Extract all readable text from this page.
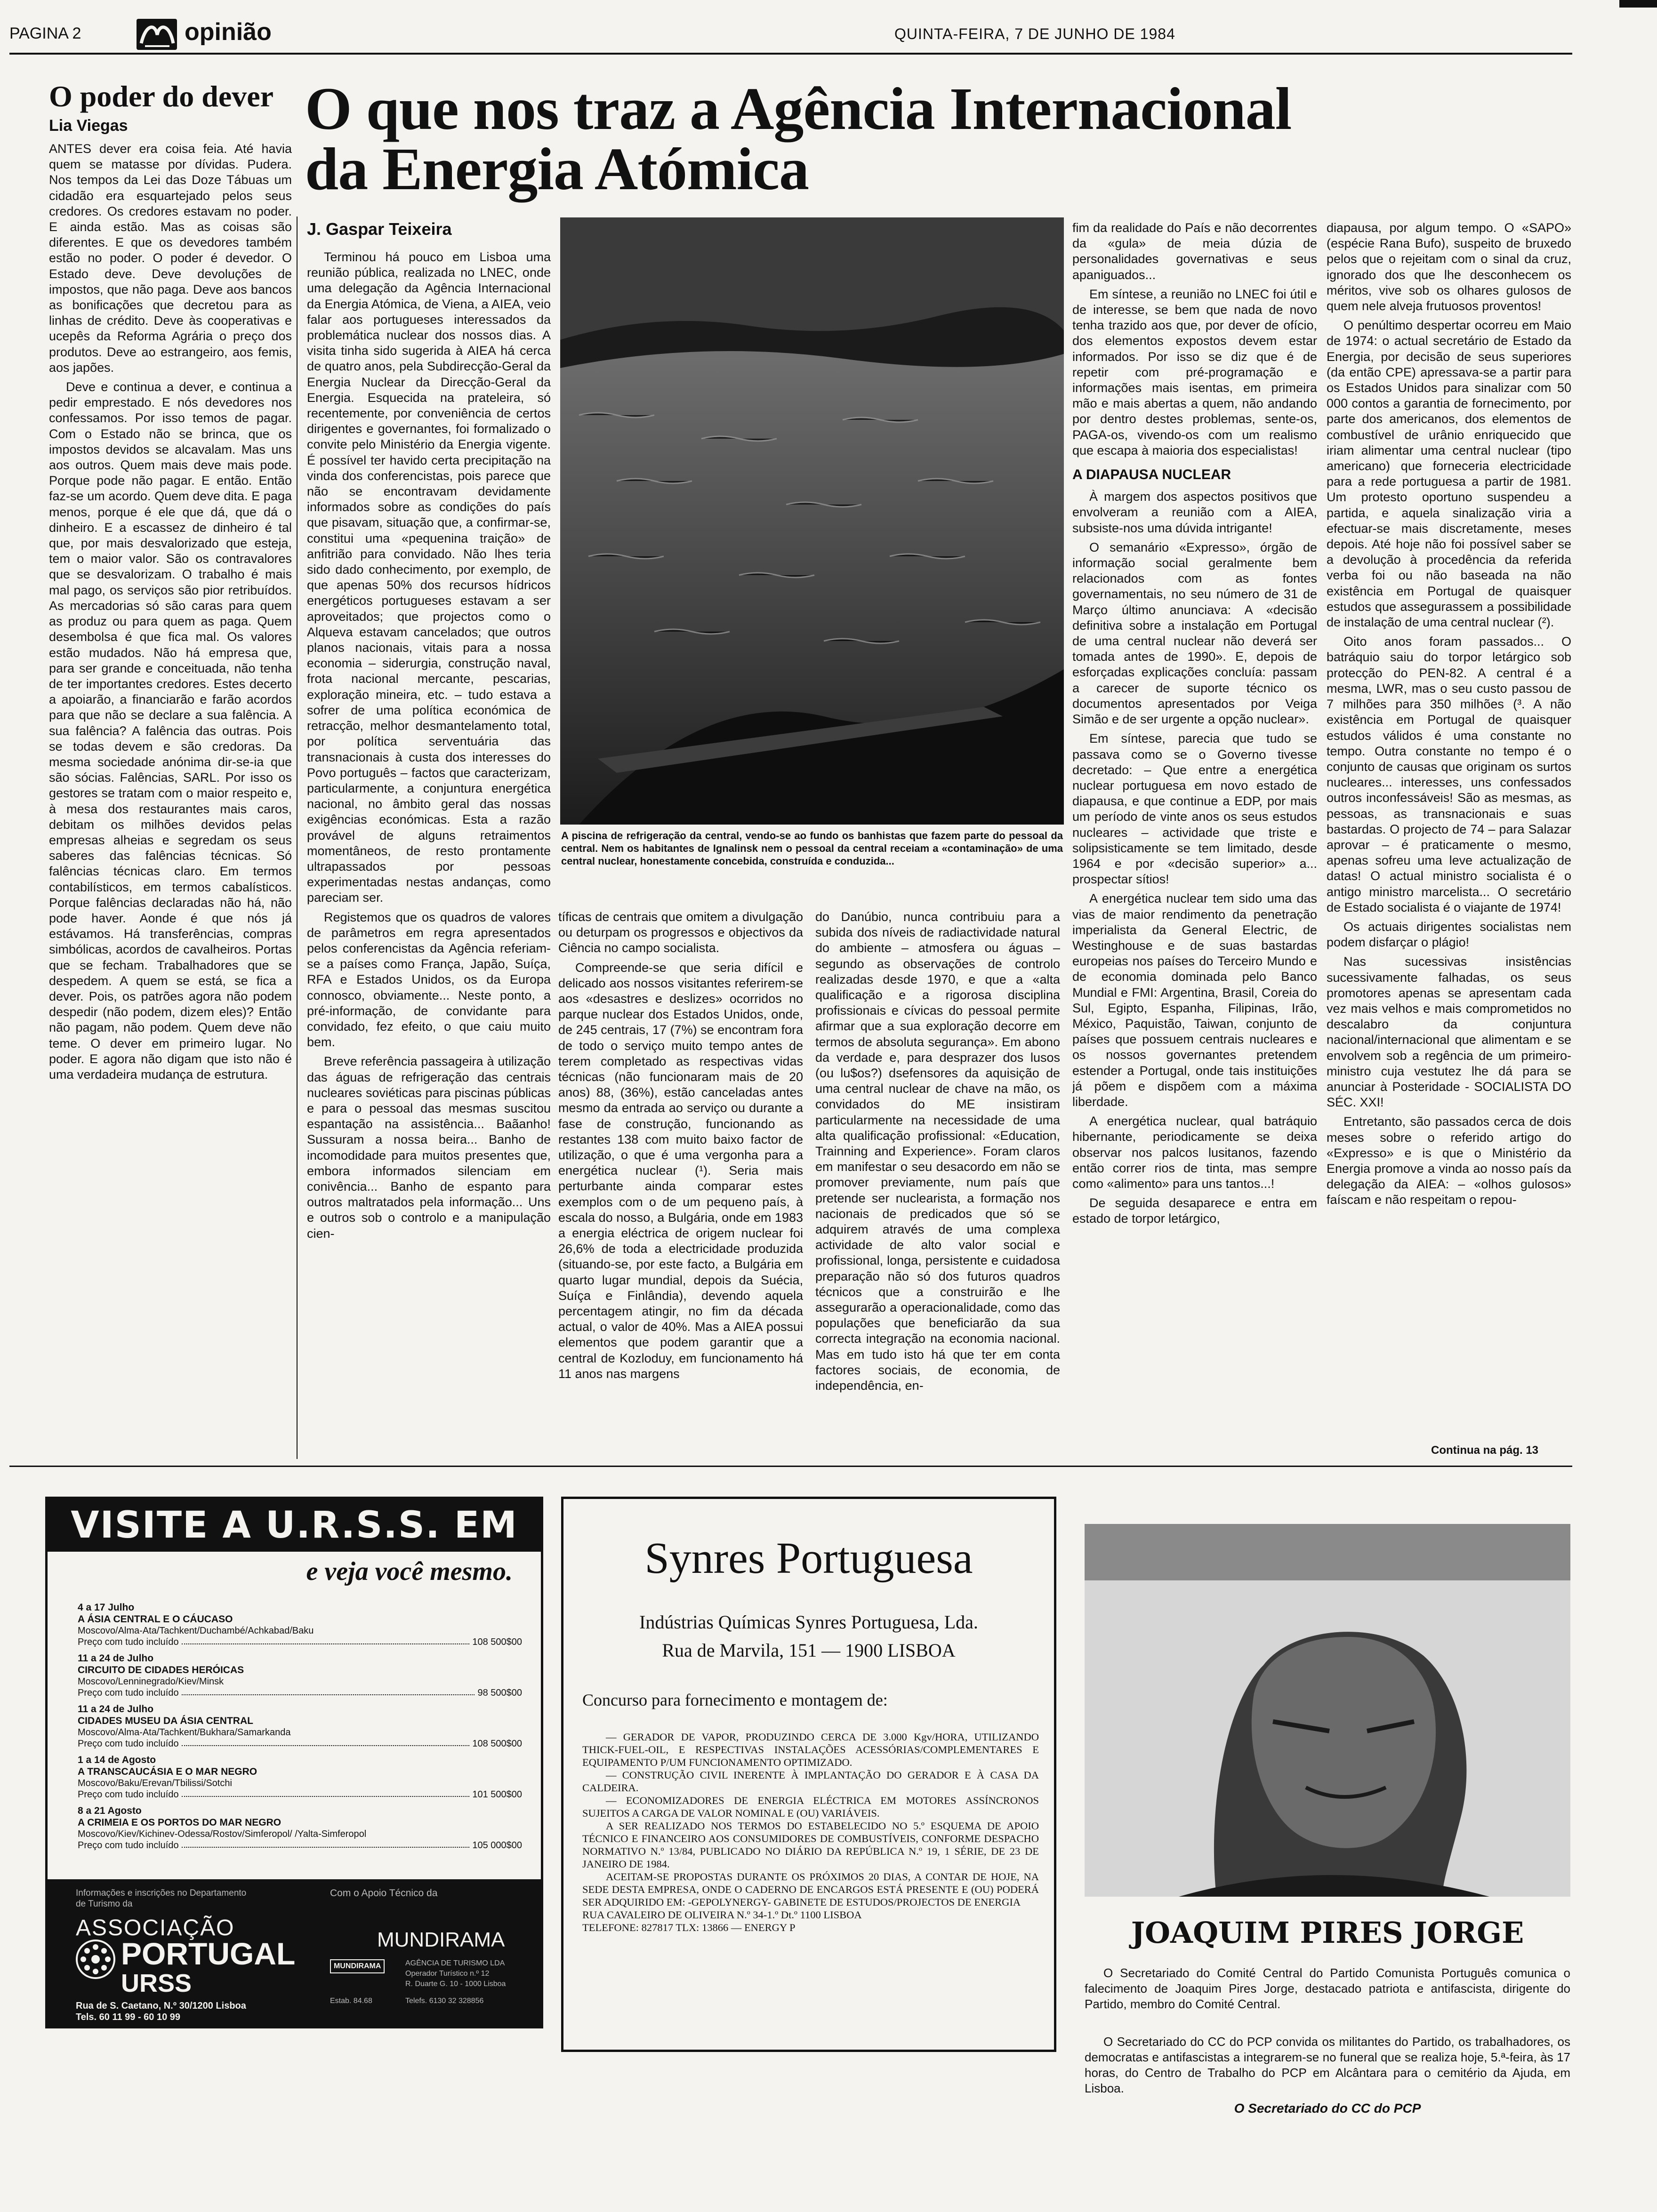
PAGINA 2	opinião	QUINTA-FEIRA, 7 DE JUNHO DE 1984
O poder do dever
Lia Viegas

ANTES dever era coisa feia. Até havia quem se matasse por dívidas. Pudera. Nos tempos da Lei das Doze Tábuas um cidadão era esquartejado pelos seus credores. Os credores estavam no poder. E ainda estão. Mas as coisas são diferentes. E que os devedores também estão no poder. O poder é devedor. O Estado deve. Deve devoluções de impostos, que não paga. Deve aos bancos as bonificações que decretou para as linhas de crédito. Deve às cooperativas e ucepês da Reforma Agrária o preço dos produtos. Deve ao estrangeiro, aos femis, aos japões.

Deve e continua a dever, e continua a pedir emprestado. E nós devedores nos confessamos. Por isso temos de pagar. Com o Estado não se brinca, que os impostos devidos se alcavalam. Mas uns aos outros. Quem mais deve mais pode. Porque pode não pagar. E então. Então faz-se um acordo. Quem deve dita. E paga menos, porque é ele que dá, que dá o dinheiro. E a escassez de dinheiro é tal que, por mais desvalorizado que esteja, tem o maior valor. São os contravalores que se desvalorizam. O trabalho é mais mal pago, os serviços são pior retribuídos. As mercadorias só são caras para quem as produz ou para quem as paga. Quem desembolsa é que fica mal. Os valores estão mudados. Não há empresa que, para ser grande e conceituada, não tenha de ter importantes credores. Estes decerto a apoiarão, a financiarão e farão acordos para que não se declare a sua falência. A sua falência? A falência das outras. Pois se todas devem e são credoras. Da mesma sociedade anónima dir-se-ia que são sócias. Falências, SARL. Por isso os gestores se tratam com o maior respeito e, à mesa dos restaurantes mais caros, debitam os milhões devidos pelas empresas alheias e segredam os seus saberes das falências técnicas. Só falências técnicas claro. Em termos contabilísticos, em termos cabalísticos. Porque falências declaradas não há, não pode haver. Aonde é que nós já estávamos. Há transferências, compras simbólicas, acordos de cavalheiros. Portas que se fecham. Trabalhadores que se despedem. A quem se está, se fica a dever. Pois, os patrões agora não podem despedir (não podem, dizem eles)? Então não pagam, não podem. Quem deve não teme. O dever em primeiro lugar. No poder. E agora não digam que isto não é uma verdadeira mudança de estrutura.

O que nos traz a Agência Internacional
da Energia Atómica
J. Gaspar Teixeira

Terminou há pouco em Lisboa uma reunião pública, realizada no LNEC, onde uma delegação da Agência Internacional da Energia Atómica, de Viena, a AIEA, veio falar aos portugueses interessados da problemática nuclear dos nossos dias. A visita tinha sido sugerida à AIEA há cerca de quatro anos, pela Subdirecção-Geral da Energia Nuclear da Direcção-Geral da Energia. Esquecida na prateleira, só recentemente, por conveniência de certos dirigentes e governantes, foi formalizado o convite pelo Ministério da Energia vigente. É possível ter havido certa precipitação na vinda dos conferencistas, pois parece que não se encontravam devidamente informados sobre as condições do país que pisavam, situação que, a confirmar-se, constitui uma «pequenina traição» de anfitrião para convidado. Não lhes teria sido dado conhecimento, por exemplo, de que apenas 50% dos recursos hídricos energéticos portugueses estavam a ser aproveitados; que projectos como o Alqueva estavam cancelados; que outros planos nacionais, vitais para a nossa economia – siderurgia, construção naval, frota nacional mercante, pescarias, exploração mineira, etc. – tudo estava a sofrer de uma política económica de retracção, melhor desmantelamento total, por política serventuária das transnacionais à custa dos interesses do Povo português – factos que caracterizam, particularmente, a conjuntura energética nacional, no âmbito geral das nossas exigências económicas. Esta a razão provável de alguns retraimentos momentâneos, de resto prontamente ultrapassados por pessoas experimentadas nestas andanças, como pareciam ser.

Registemos que os quadros de valores de parâmetros em regra apresentados pelos conferencistas da Agência referiam-se a países como França, Japão, Suíça, RFA e Estados Unidos, os da Europa connosco, obviamente... Neste ponto, a pré-informação, de convidante para convidado, fez efeito, o que caiu muito bem.

Breve referência passageira à utilização das águas de refrigeração das centrais nucleares soviéticas para piscinas públicas e para o pessoal das mesmas suscitou espantação na assistência... Baãanho! Sussuram a nossa beira... Banho de incomodidade para muitos presentes que, embora informados silenciam em conivência... Banho de espanto para outros maltratados pela informação... Uns e outros sob o controlo e a manipulação cien-

A piscina de refrigeração da central, vendo-se ao fundo os banhistas que fazem parte do pessoal da central. Nem os habitantes de Ignalinsk nem o pessoal da central receiam a «contaminação» de uma central nuclear, honestamente concebida, construída e conduzida...

tíficas de centrais que omitem a divulgação ou deturpam os progressos e objectivos da Ciência no campo socialista.

Compreende-se que seria difícil e delicado aos nossos visitantes referirem-se aos «desastres e deslizes» ocorridos no parque nuclear dos Estados Unidos, onde, de 245 centrais, 17 (7%) se encontram fora de todo o serviço muito tempo antes de terem completado as respectivas vidas técnicas (não funcionaram mais de 20 anos) 88, (36%), estão canceladas antes mesmo da entrada ao serviço ou durante a fase de construção, funcionando as restantes 138 com muito baixo factor de utilização, o que é uma vergonha para a energética nuclear (¹). Seria mais perturbante ainda comparar estes exemplos com o de um pequeno país, à escala do nosso, a Bulgária, onde em 1983 a energia eléctrica de origem nuclear foi 26,6% de toda a electricidade produzida (situando-se, por este facto, a Bulgária em quarto lugar mundial, depois da Suécia, Suíça e Finlândia), devendo aquela percentagem atingir, no fim da década actual, o valor de 40%. Mas a AIEA possui elementos que podem garantir que a central de Kozloduy, em funcionamento há 11 anos nas margens

do Danúbio, nunca contribuiu para a subida dos níveis de radiactividade natural do ambiente – atmosfera ou águas – segundo as observações de controlo realizadas desde 1970, e que a «alta qualificação e a rigorosa disciplina profissionais e cívicas do pessoal permite afirmar que a sua exploração decorre em termos de absoluta segurança». Em abono da verdade e, para desprazer dos lusos (ou lu$os?) dsefensores da aquisição de uma central nuclear de chave na mão, os convidados do ME insistiram particularmente na necessidade de uma alta qualificação profissional: «Education, Trainning and Experience». Foram claros em manifestar o seu desacordo em não se promover previamente, num país que pretende ser nuclearista, a formação nos nacionais de predicados que só se adquirem através de uma complexa actividade de alto valor social e profissional, longa, persistente e cuidadosa preparação não só dos futuros quadros técnicos que a construirão e lhe assegurarão a operacionalidade, como das populações que beneficiarão da sua correcta integração na economia nacional. Mas em tudo isto há que ter em conta factores sociais, de economia, de independência, en-

fim da realidade do País e não decorrentes da «gula» de meia dúzia de personalidades governativas e seus apaniguados...

Em síntese, a reunião no LNEC foi útil e de interesse, se bem que nada de novo tenha trazido aos que, por dever de ofício, dos elementos expostos devem estar informados. Por isso se diz que é de repetir com pré-programação e informações mais isentas, em primeira mão e mais abertas a quem, não andando por dentro destes problemas, sente-os, PAGA-os, vivendo-os com um realismo que escapa à maioria dos especialistas!

A DIAPAUSA NUCLEAR

À margem dos aspectos positivos que envolveram a reunião com a AIEA, subsiste-nos uma dúvida intrigante!

O semanário «Expresso», órgão de informação social geralmente bem relacionados com as fontes governamentais, no seu número de 31 de Março último anunciava: A «decisão definitiva sobre a instalação em Portugal de uma central nuclear não deverá ser tomada antes de 1990». E, depois de esforçadas explicações concluía: passam a carecer de suporte técnico os documentos apresentados por Veiga Simão e de ser urgente a opção nuclear».

Em síntese, parecia que tudo se passava como se o Governo tivesse decretado: – Que entre a energética nuclear portuguesa em novo estado de diapausa, e que continue a EDP, por mais um período de vinte anos os seus estudos nucleares – actividade que triste e solipsisticamente se tem limitado, desde 1964 e por «decisão superior» a... prospectar sítios!

A energética nuclear tem sido uma das vias de maior rendimento da penetração imperialista da General Electric, de Westinghouse e de suas bastardas europeias nos países do Terceiro Mundo e de economia dominada pelo Banco Mundial e FMI: Argentina, Brasil, Coreia do Sul, Egipto, Espanha, Filipinas, Irão, México, Paquistão, Taiwan, conjunto de países que possuem centrais nucleares e os nossos governantes pretendem estender a Portugal, onde tais instituições já põem e dispõem com a máxima liberdade.

A energética nuclear, qual batráquio hibernante, periodicamente se deixa observar nos palcos lusitanos, fazendo então correr rios de tinta, mas sempre como «alimento» para uns tantos...!

De seguida desaparece e entra em estado de torpor letárgico,

diapausa, por algum tempo. O «SAPO» (espécie Rana Bufo), suspeito de bruxedo pelos que o rejeitam com o sinal da cruz, ignorado dos que lhe desconhecem os méritos, vive sob os olhares gulosos de quem nele alveja frutuosos proventos!

O penúltimo despertar ocorreu em Maio de 1974: o actual secretário de Estado da Energia, por decisão de seus superiores (da então CPE) apressava-se a partir para os Estados Unidos para sinalizar com 50 000 contos a garantia de fornecimento, por parte dos americanos, dos elementos de combustível de urânio enriquecido que iriam alimentar uma central nuclear (tipo americano) que forneceria electricidade para a rede portuguesa a partir de 1981. Um protesto oportuno suspendeu a partida, e aquela sinalização viria a efectuar-se mais discretamente, meses depois. Até hoje não foi possível saber se a devolução à procedência da referida verba foi ou não baseada na não existência em Portugal de quaisquer estudos que assegurassem a possibilidade de instalação de uma central nuclear (²).

Oito anos foram passados... O batráquio saiu do torpor letárgico sob protecção do PEN-82. A central é a mesma, LWR, mas o seu custo passou de 7 milhões para 350 milhões (³. A não existência em Portugal de quaisquer estudos válidos é uma constante no tempo. Outra constante no tempo é o conjunto de causas que originam os surtos nucleares... interesses, uns confessados outros inconfessáveis! São as mesmas, as pessoas, as transnacionais e suas bastardas. O projecto de 74 – para Salazar aprovar – é praticamente o mesmo, apenas sofreu uma leve actualização de datas! O actual ministro socialista é o antigo ministro marcelista... O secretário de Estado socialista é o viajante de 1974!

Os actuais dirigentes socialistas nem podem disfarçar o plágio!

Nas sucessivas insistências sucessivamente falhadas, os seus promotores apenas se apresentam cada vez mais velhos e mais comprometidos no descalabro da conjuntura nacional/internacional que alimentam e se envolvem sob a regência de um primeiro-ministro cuja vestutez lhe dá para se anunciar à Posteridade - SOCIALISTA DO SÉC. XXI!

Entretanto, são passados cerca de dois meses sobre o referido artigo do «Expresso» e is que o Ministério da Energia promove a vinda ao nosso país da delegação da AIEA: – «olhos gulosos» faíscam e não respeitam o repou-

Continua na pág. 13
VISITE A U.R.S.S. EM 1984
e veja você mesmo.
4 a 17 Julho
A ÁSIA CENTRAL E O CÁUCASO
Moscovo/Alma-Ata/Tachkent/Duchambé/Achkabad/Baku
Preço com tudo incluído	108 500$00
11 a 24 de Julho
CIRCUITO DE CIDADES HERÓICAS
Moscovo/Lenninegrado/Kiev/Minsk
Preço com tudo incluído	98 500$00
11 a 24 de Julho
CIDADES MUSEU DA ÁSIA CENTRAL
Moscovo/Alma-Ata/Tachkent/Bukhara/Samarkanda
Preço com tudo incluído	108 500$00
1 a 14 de Agosto
A TRANSCAUCÁSIA E O MAR NEGRO
Moscovo/Baku/Erevan/Tbilissi/Sotchi
Preço com tudo incluído	101 500$00
8 a 21 Agosto
A CRIMEIA E OS PORTOS DO MAR NEGRO
Moscovo/Kiev/Kichinev-Odessa/Rostov/Simferopol/ /Yalta-Simferopol
Preço com tudo incluído	105 000$00
Informações e inscrições no Departamento de Turismo da
Com o Apoio Técnico da
ASSOCIAÇÃO
PORTUGAL
URSS
Rua de S. Caetano, N.º 30/1200 Lisboa
Tels. 60 11 99 - 60 10 99
MUNDIRAMA
MUNDIRAMA	AGÊNCIA DE TURISMO LDA
Operador Turístico n.º 12
R. Duarte G. 10 - 1000 Lisboa
Estab. 84.68	Telefs. 6130 32 328856
Synres Portuguesa
Indústrias Químicas Synres Portuguesa, Lda.
Rua de Marvila, 151 — 1900 LISBOA
Concurso para fornecimento e montagem de:

— GERADOR DE VAPOR, PRODUZINDO CERCA DE 3.000 Kgv/HORA, UTILIZANDO THICK-FUEL-OIL, E RESPECTIVAS INSTALAÇÕES ACESSÓRIAS/COMPLEMENTARES E EQUIPAMENTO P/UM FUNCIONAMENTO OPTIMIZADO.

— CONSTRUÇÃO CIVIL INERENTE À IMPLANTAÇÃO DO GERADOR E À CASA DA CALDEIRA.

— ECONOMIZADORES DE ENERGIA ELÉCTRICA EM MOTORES ASSÍNCRONOS SUJEITOS A CARGA DE VALOR NOMINAL E (OU) VARIÁVEIS.

A SER REALIZADO NOS TERMOS DO ESTABELECIDO NO 5.º ESQUEMA DE APOIO TÉCNICO E FINANCEIRO AOS CONSUMIDORES DE COMBUSTÍVEIS, CONFORME DESPACHO NORMATIVO N.º 13/84, PUBLICADO NO DIÁRIO DA REPÚBLICA N.º 19, 1 SÉRIE, DE 23 DE JANEIRO DE 1984.

ACEITAM-SE PROPOSTAS DURANTE OS PRÓXIMOS 20 DIAS, A CONTAR DE HOJE, NA SEDE DESTA EMPRESA, ONDE O CADERNO DE ENCARGOS ESTÁ PRESENTE E (OU) PODERÁ SER ADQUIRIDO EM: -GEPOLYNERGY- GABINETE DE ESTUDOS/PROJECTOS DE ENERGIA

RUA CAVALEIRO DE OLIVEIRA N.º 34-1.º Dt.º 1100 LISBOA

TELEFONE: 827817 TLX: 13866 — ENERGY P	JOAQUIM PIRES JORGE
O Secretariado do Comité Central do Partido Comunista Português comunica o falecimento de Joaquim Pires Jorge, destacado patriota e antifascista, dirigente do Partido, membro do Comité Central.
O Secretariado do CC do PCP convida os militantes do Partido, os trabalhadores, os democratas e antifascistas a integrarem-se no funeral que se realiza hoje, 5.ª-feira, às 17 horas, do Centro de Trabalho do PCP em Alcântara para o cemitério da Ajuda, em Lisboa.
O Secretariado do CC do PCP
